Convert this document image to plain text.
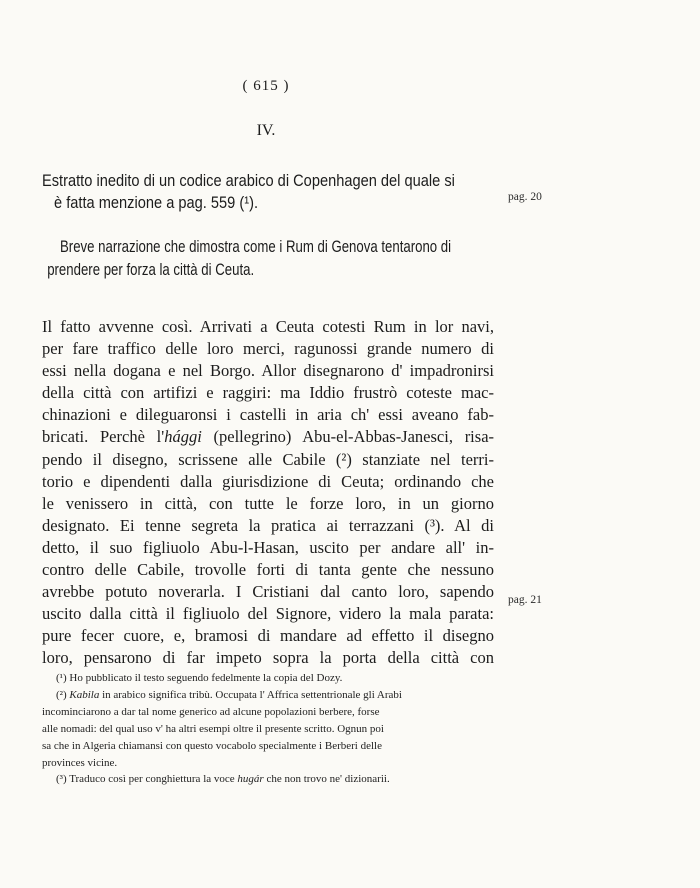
( 615 )
IV.
Estratto inedito di un codice arabico di Copenhagen del quale si
è fatta menzione a pag. 559 (¹).	pag. 20
Breve narrazione che dimostra come i Rum di Genova tentarono di
prendere per forza la città di Ceuta.
Il fatto avvenne così. Arrivati a Ceuta cotesti Rum in lor navi,
per fare traffico delle loro merci, ragunossi grande numero di
essi nella dogana e nel Borgo. Allor disegnarono d' impadronirsi
della città con artifizi e raggiri: ma Iddio frustrò coteste mac-
chinazioni e dileguaronsi i castelli in aria ch' essi aveano fab-
bricati. Perchè l'hággi (pellegrino) Abu-el-Abbas-Janesci, risa-
pendo il disegno, scrissene alle Cabile (²) stanziate nel terri-
torio e dipendenti dalla giurisdizione di Ceuta; ordinando che
le venissero in città, con tutte le forze loro, in un giorno
designato. Ei tenne segreta la pratica ai terrazzani (³). Al di
detto, il suo figliuolo Abu-l-Hasan, uscito per andare all' in-
contro delle Cabile, trovolle forti di tanta gente che nessuno
avrebbe potuto noverarla. I Cristiani dal canto loro, sapendo
uscito dalla città il figliuolo del Signore, videro la mala parata:
pure fecer cuore, e, bramosi di mandare ad effetto il disegno
loro, pensarono di far impeto sopra la porta della città con
pag. 21
(¹) Ho pubblicato il testo seguendo fedelmente la copia del Dozy.
(²) Kabila in arabico significa tribù. Occupata l' Affrica settentrionale gli Arabi
incominciarono a dar tal nome generico ad alcune popolazioni berbere, forse
alle nomadi: del qual uso v' ha altri esempi oltre il presente scritto. Ognun poi
sa che in Algeria chiamansi con questo vocabolo specialmente i Berberi delle
provinces vicine.
(³) Traduco così per conghiettura la voce hugár che non trovo ne' dizionarii.
